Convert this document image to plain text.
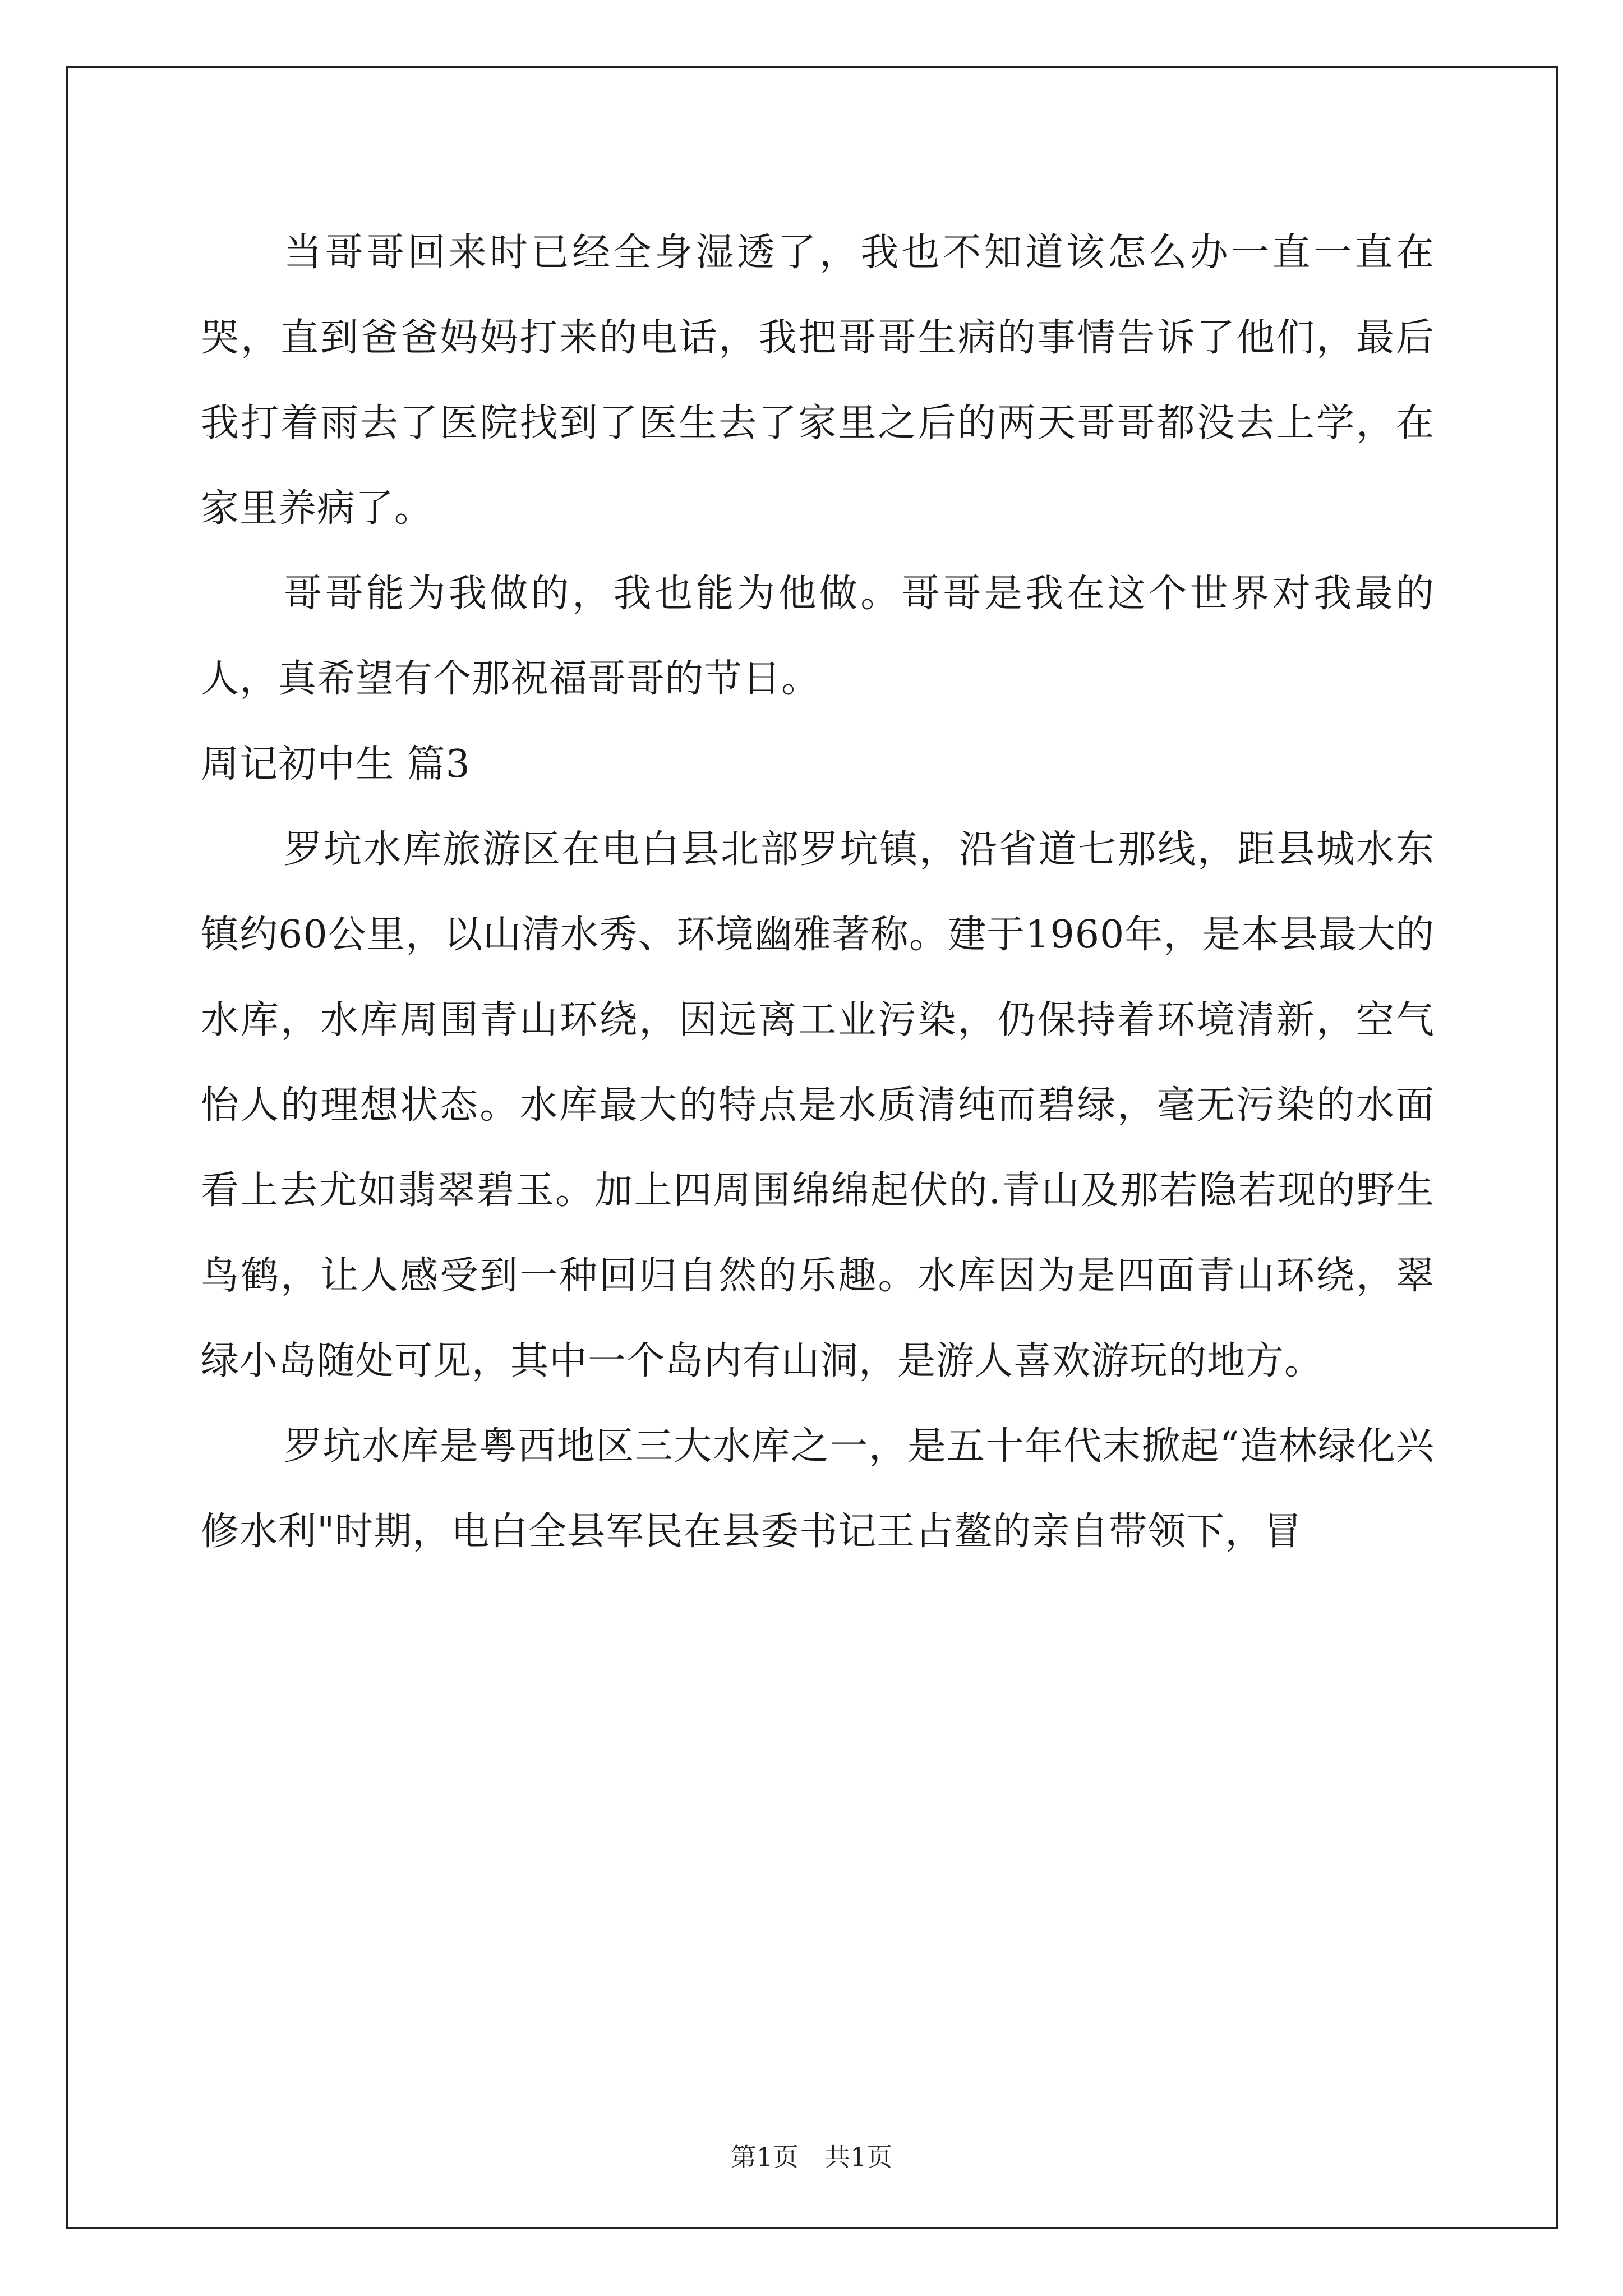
当哥哥回来时已经全身湿透了，我也不知道该怎么办一直一直在哭，直到爸爸妈妈打来的电话，我把哥哥生病的事情告诉了他们，最后我打着雨去了医院找到了医生去了家里之后的两天哥哥都没去上学，在家里养病了。

哥哥能为我做的，我也能为他做。哥哥是我在这个世界对我最的人，真希望有个那祝福哥哥的节日。

周记初中生 篇3

罗坑水库旅游区在电白县北部罗坑镇，沿省道七那线，距县城水东镇约60公里，以山清水秀、环境幽雅著称。建于1960年，是本县最大的水库，水库周围青山环绕，因远离工业污染，仍保持着环境清新，空气怡人的理想状态。水库最大的特点是水质清纯而碧绿，毫无污染的水面看上去尤如翡翠碧玉。加上四周围绵绵起伏的.青山及那若隐若现的野生鸟鹤，让人感受到一种回归自然的乐趣。水库因为是四面青山环绕，翠绿小岛随处可见，其中一个岛内有山洞，是游人喜欢游玩的地方。

罗坑水库是粤西地区三大水库之一，是五十年代末掀起“造林绿化兴修水利"时期，电白全县军民在县委书记王占鳌的亲自带领下，冒

第1页　共1页
